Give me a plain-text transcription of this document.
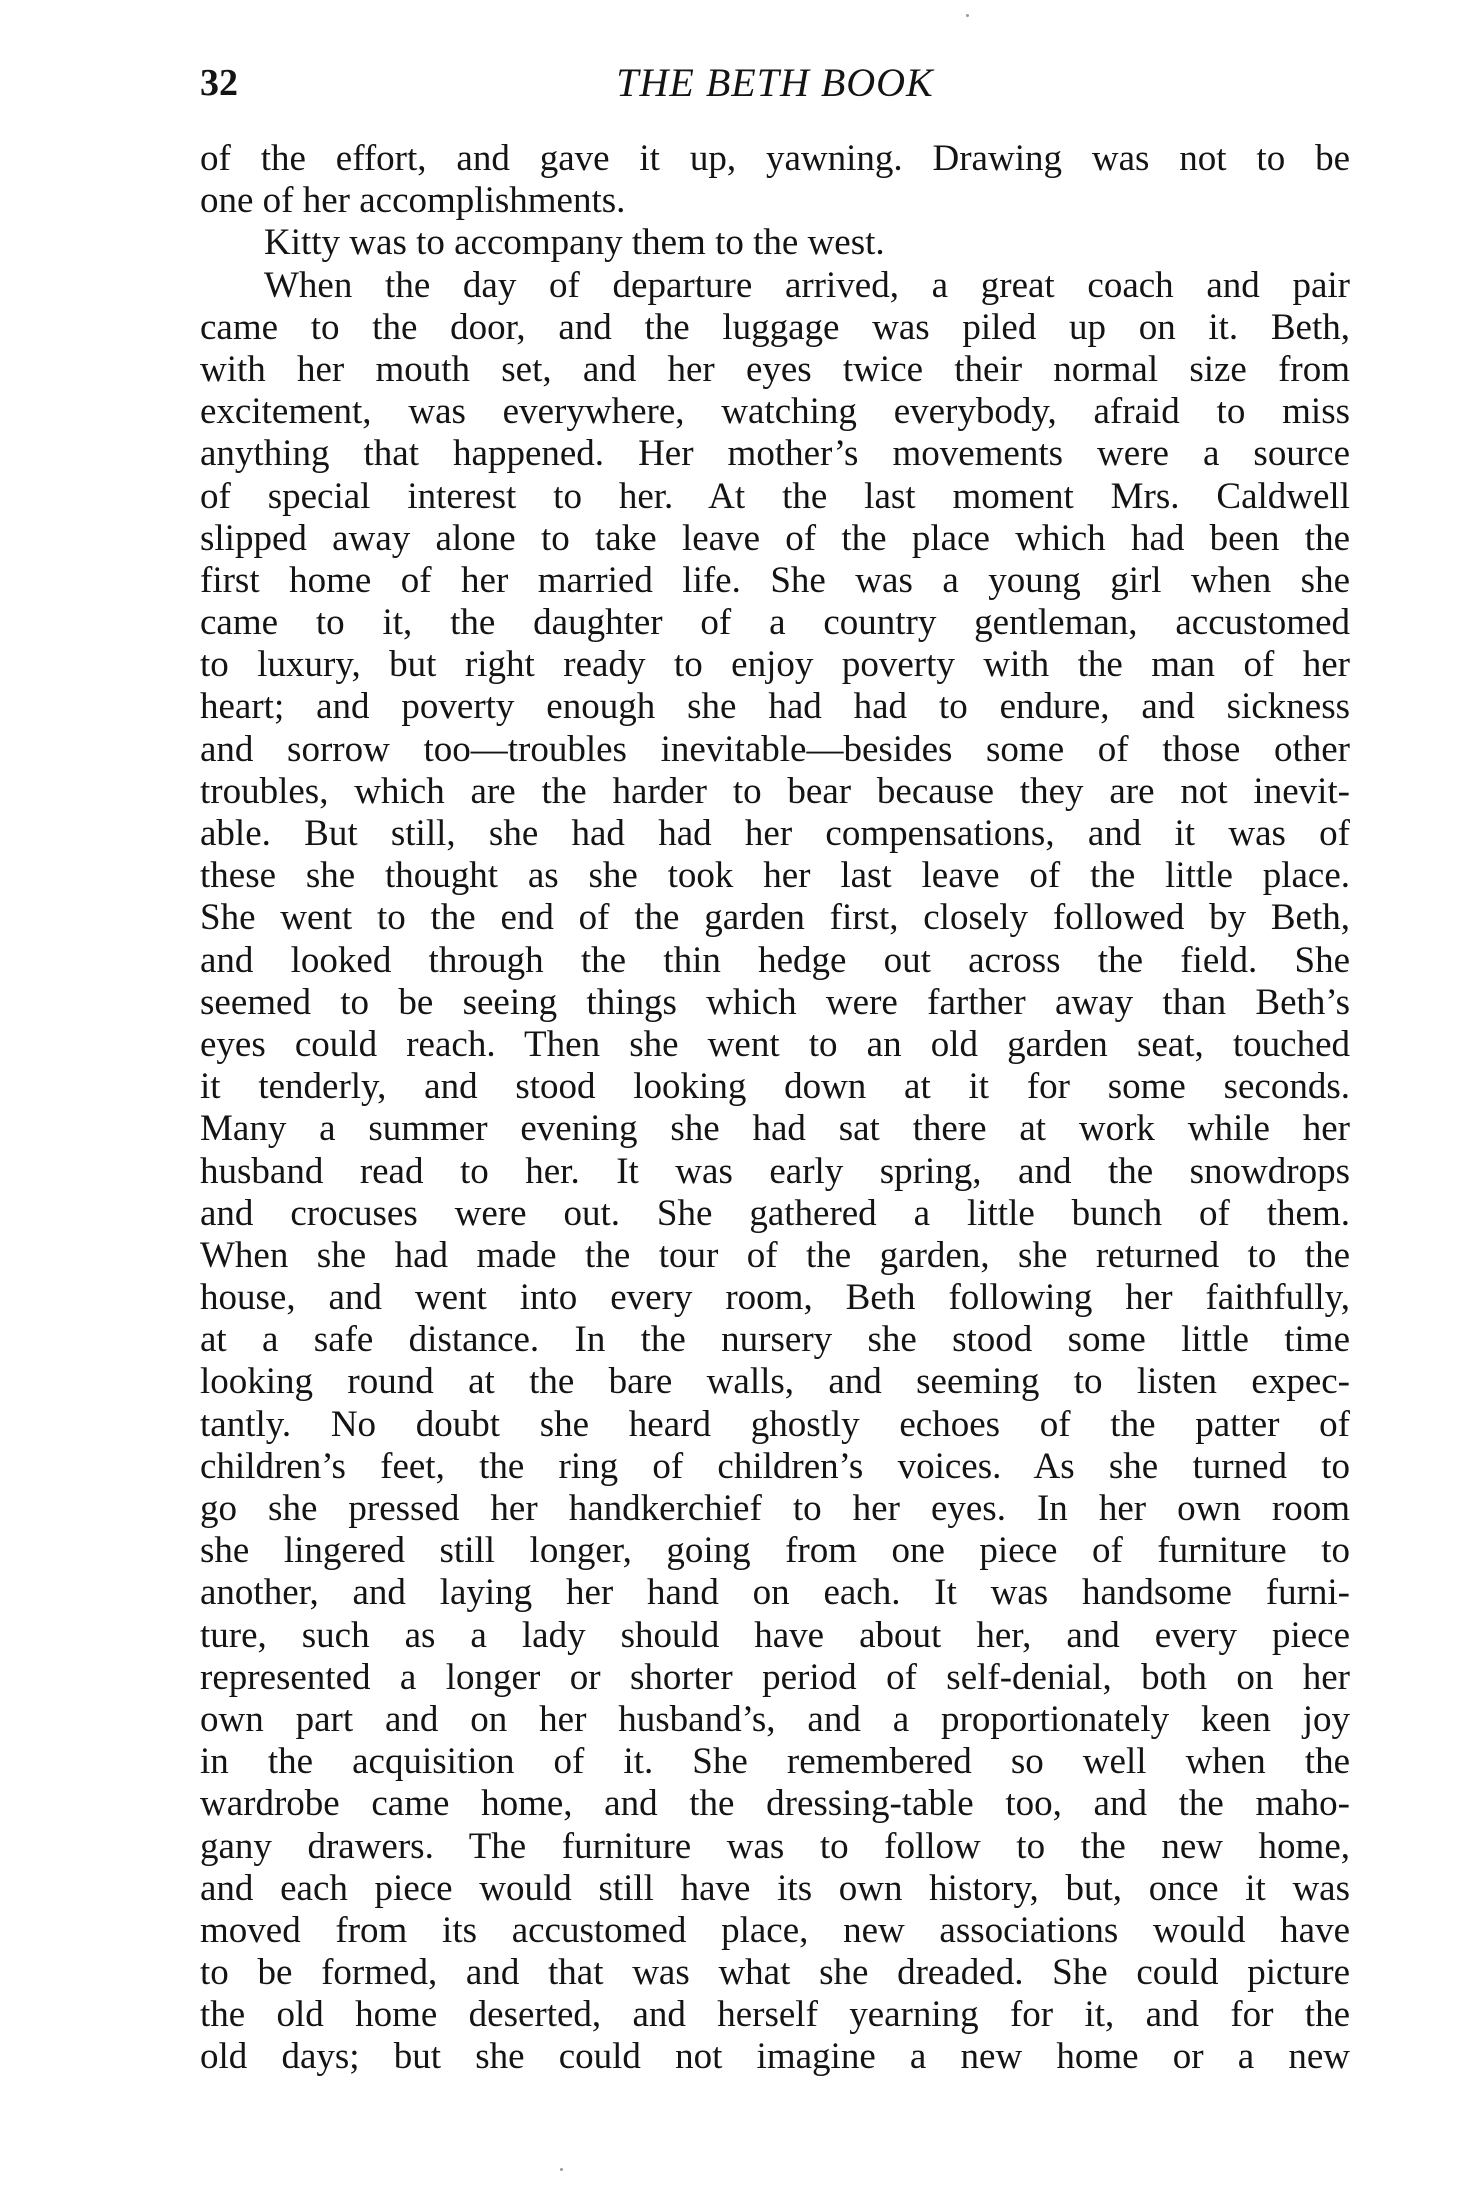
32	THE BETH BOOK
of the effort, and gave it up, yawning. Drawing was not to be
one of her accomplishments.
Kitty was to accompany them to the west.
When the day of departure arrived, a great coach and pair
came to the door, and the luggage was piled up on it. Beth,
with her mouth set, and her eyes twice their normal size from
excitement, was everywhere, watching everybody, afraid to miss
anything that happened. Her mother’s movements were a source
of special interest to her. At the last moment Mrs. Caldwell
slipped away alone to take leave of the place which had been the
first home of her married life. She was a young girl when she
came to it, the daughter of a country gentleman, accustomed
to luxury, but right ready to enjoy poverty with the man of her
heart; and poverty enough she had had to endure, and sickness
and sorrow too—troubles inevitable—besides some of those other
troubles, which are the harder to bear because they are not inevit-
able. But still, she had had her compensations, and it was of
these she thought as she took her last leave of the little place.
She went to the end of the garden first, closely followed by Beth,
and looked through the thin hedge out across the field. She
seemed to be seeing things which were farther away than Beth’s
eyes could reach. Then she went to an old garden seat, touched
it tenderly, and stood looking down at it for some seconds.
Many a summer evening she had sat there at work while her
husband read to her. It was early spring, and the snowdrops
and crocuses were out. She gathered a little bunch of them.
When she had made the tour of the garden, she returned to the
house, and went into every room, Beth following her faithfully,
at a safe distance. In the nursery she stood some little time
looking round at the bare walls, and seeming to listen expec-
tantly. No doubt she heard ghostly echoes of the patter of
children’s feet, the ring of children’s voices. As she turned to
go she pressed her handkerchief to her eyes. In her own room
she lingered still longer, going from one piece of furniture to
another, and laying her hand on each. It was handsome furni-
ture, such as a lady should have about her, and every piece
represented a longer or shorter period of self-denial, both on her
own part and on her husband’s, and a proportionately keen joy
in the acquisition of it. She remembered so well when the
wardrobe came home, and the dressing-table too, and the maho-
gany drawers. The furniture was to follow to the new home,
and each piece would still have its own history, but, once it was
moved from its accustomed place, new associations would have
to be formed, and that was what she dreaded. She could picture
the old home deserted, and herself yearning for it, and for the
old days; but she could not imagine a new home or a new
